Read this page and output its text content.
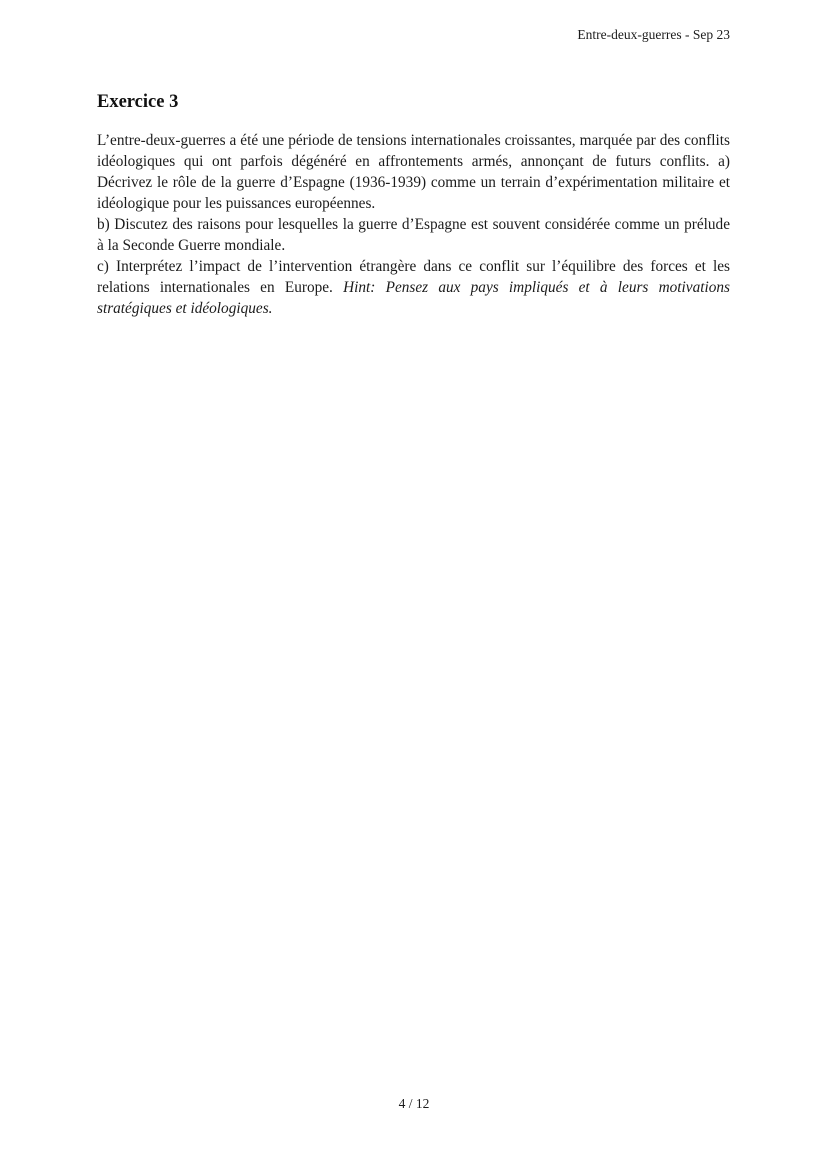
Entre-deux-guerres - Sep 23
Exercice 3

L’entre-deux-guerres a été une période de tensions internationales croissantes, marquée par des conflits idéologiques qui ont parfois dégénéré en affrontements armés, annonçant de futurs conflits. a) Décrivez le rôle de la guerre d’Espagne (1936-1939) comme un terrain d’expérimentation militaire et idéologique pour les puissances européennes.

b) Discutez des raisons pour lesquelles la guerre d’Espagne est souvent considérée comme un prélude à la Seconde Guerre mondiale.

c) Interprétez l’impact de l’intervention étrangère dans ce conflit sur l’équilibre des forces et les relations internationales en Europe. Hint: Pensez aux pays impliqués et à leurs motivations stratégiques et idéologiques.

4 / 12
